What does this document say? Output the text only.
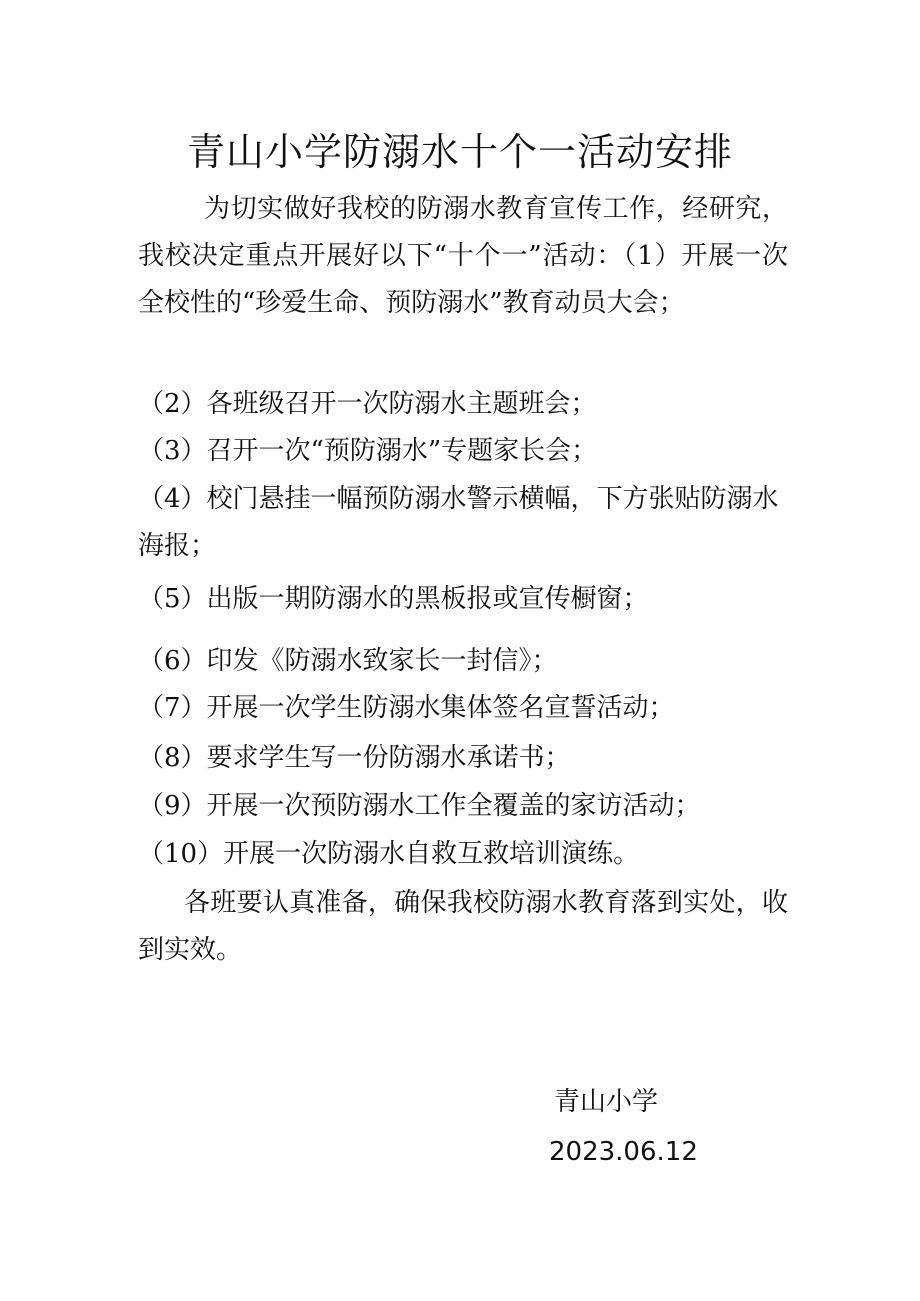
青山小学防溺水十个一活动安排
为切实做好我校的防溺水教育宣传工作，经研究，我校决定重点开展好以下“十个一”活动：（1）开展一次全校性的“珍爱生命、预防溺水”教育动员大会；
（2）各班级召开一次防溺水主题班会；
（3）召开一次“预防溺水”专题家长会；
（4）校门悬挂一幅预防溺水警示横幅，下方张贴防溺水海报；
（5）出版一期防溺水的黑板报或宣传橱窗；
（6）印发《防溺水致家长一封信》；
（7）开展一次学生防溺水集体签名宣誓活动；
（8）要求学生写一份防溺水承诺书；
（9）开展一次预防溺水工作全覆盖的家访活动；
（10）开展一次防溺水自救互救培训演练。
各班要认真准备，确保我校防溺水教育落到实处，收到实效。
青山小学
2023.06.12
